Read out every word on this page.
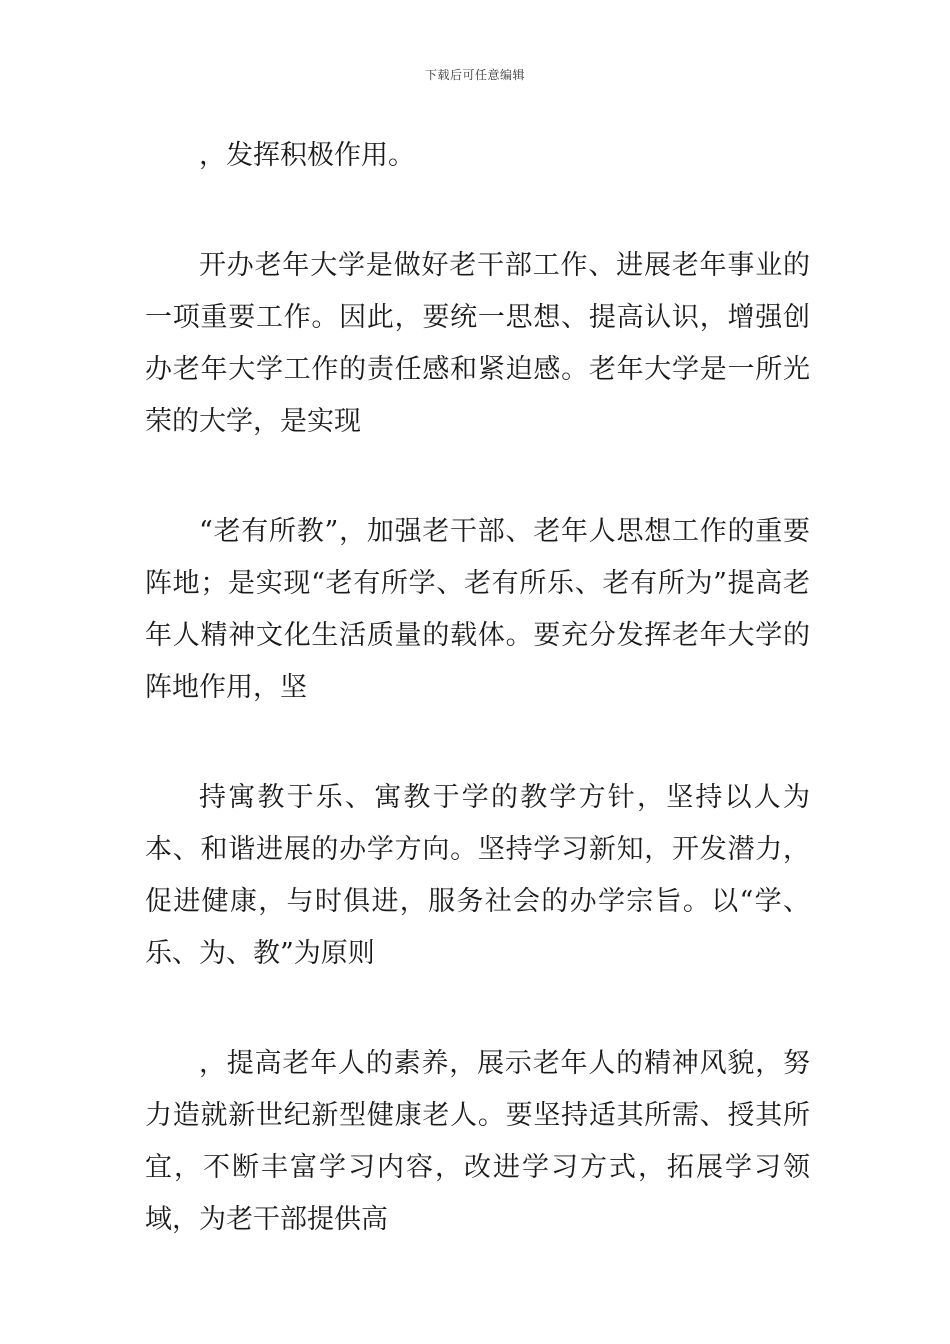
下载后可任意编辑

，发挥积极作用。

开办老年大学是做好老干部工作、进展老年事业的一项重要工作。因此，要统一思想、提高认识，增强创办老年大学工作的责任感和紧迫感。老年大学是一所光荣的大学，是实现

“老有所教”，加强老干部、老年人思想工作的重要阵地；是实现“老有所学、老有所乐、老有所为”提高老年人精神文化生活质量的载体。要充分发挥老年大学的阵地作用，坚

持寓教于乐、寓教于学的教学方针，坚持以人为本、和谐进展的办学方向。坚持学习新知，开发潜力，促进健康，与时俱进，服务社会的办学宗旨。以“学、乐、为、教”为原则

，提高老年人的素养，展示老年人的精神风貌，努力造就新世纪新型健康老人。要坚持适其所需、授其所宜，不断丰富学习内容，改进学习方式，拓展学习领域，为老干部提供高
